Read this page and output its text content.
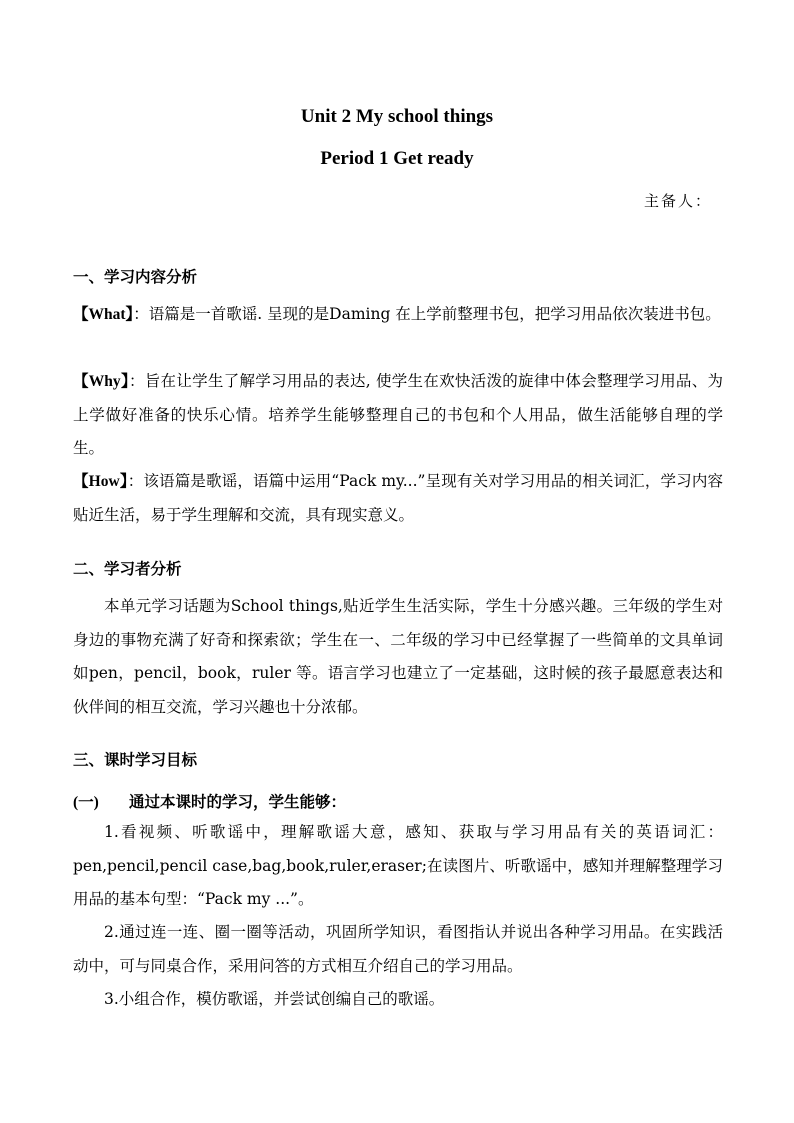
Unit 2 My school things
Period 1 Get ready
主备人：
一、学习内容分析
【What】：语篇是一首歌谣. 呈现的是Daming 在上学前整理书包，把学习用品依次装进书包。
【Why】：旨在让学生了解学习用品的表达, 使学生在欢快活泼的旋律中体会整理学习用品、为上学做好准备的快乐心情。培养学生能够整理自己的书包和个人用品，做生活能够自理的学生。
【How】：该语篇是歌谣，语篇中运用“Pack my...”呈现有关对学习用品的相关词汇，学习内容贴近生活，易于学生理解和交流，具有现实意义。
二、学习者分析
本单元学习话题为School things,贴近学生生活实际，学生十分感兴趣。三年级的学生对身边的事物充满了好奇和探索欲；学生在一、二年级的学习中已经掌握了一些简单的文具单词如pen，pencil，book，ruler 等。语言学习也建立了一定基础，这时候的孩子最愿意表达和伙伴间的相互交流，学习兴趣也十分浓郁。
三、课时学习目标
(一) 通过本课时的学习，学生能够：
1.看视频、听歌谣中，理解歌谣大意，感知、获取与学习用品有关的英语词汇：pen,pencil,pencil case,bag,book,ruler,eraser;在读图片、听歌谣中，感知并理解整理学习用品的基本句型：“Pack my ...”。
2.通过连一连、圈一圈等活动，巩固所学知识，看图指认并说出各种学习用品。在实践活动中，可与同桌合作，采用问答的方式相互介绍自己的学习用品。
3.小组合作，模仿歌谣，并尝试创编自己的歌谣。
